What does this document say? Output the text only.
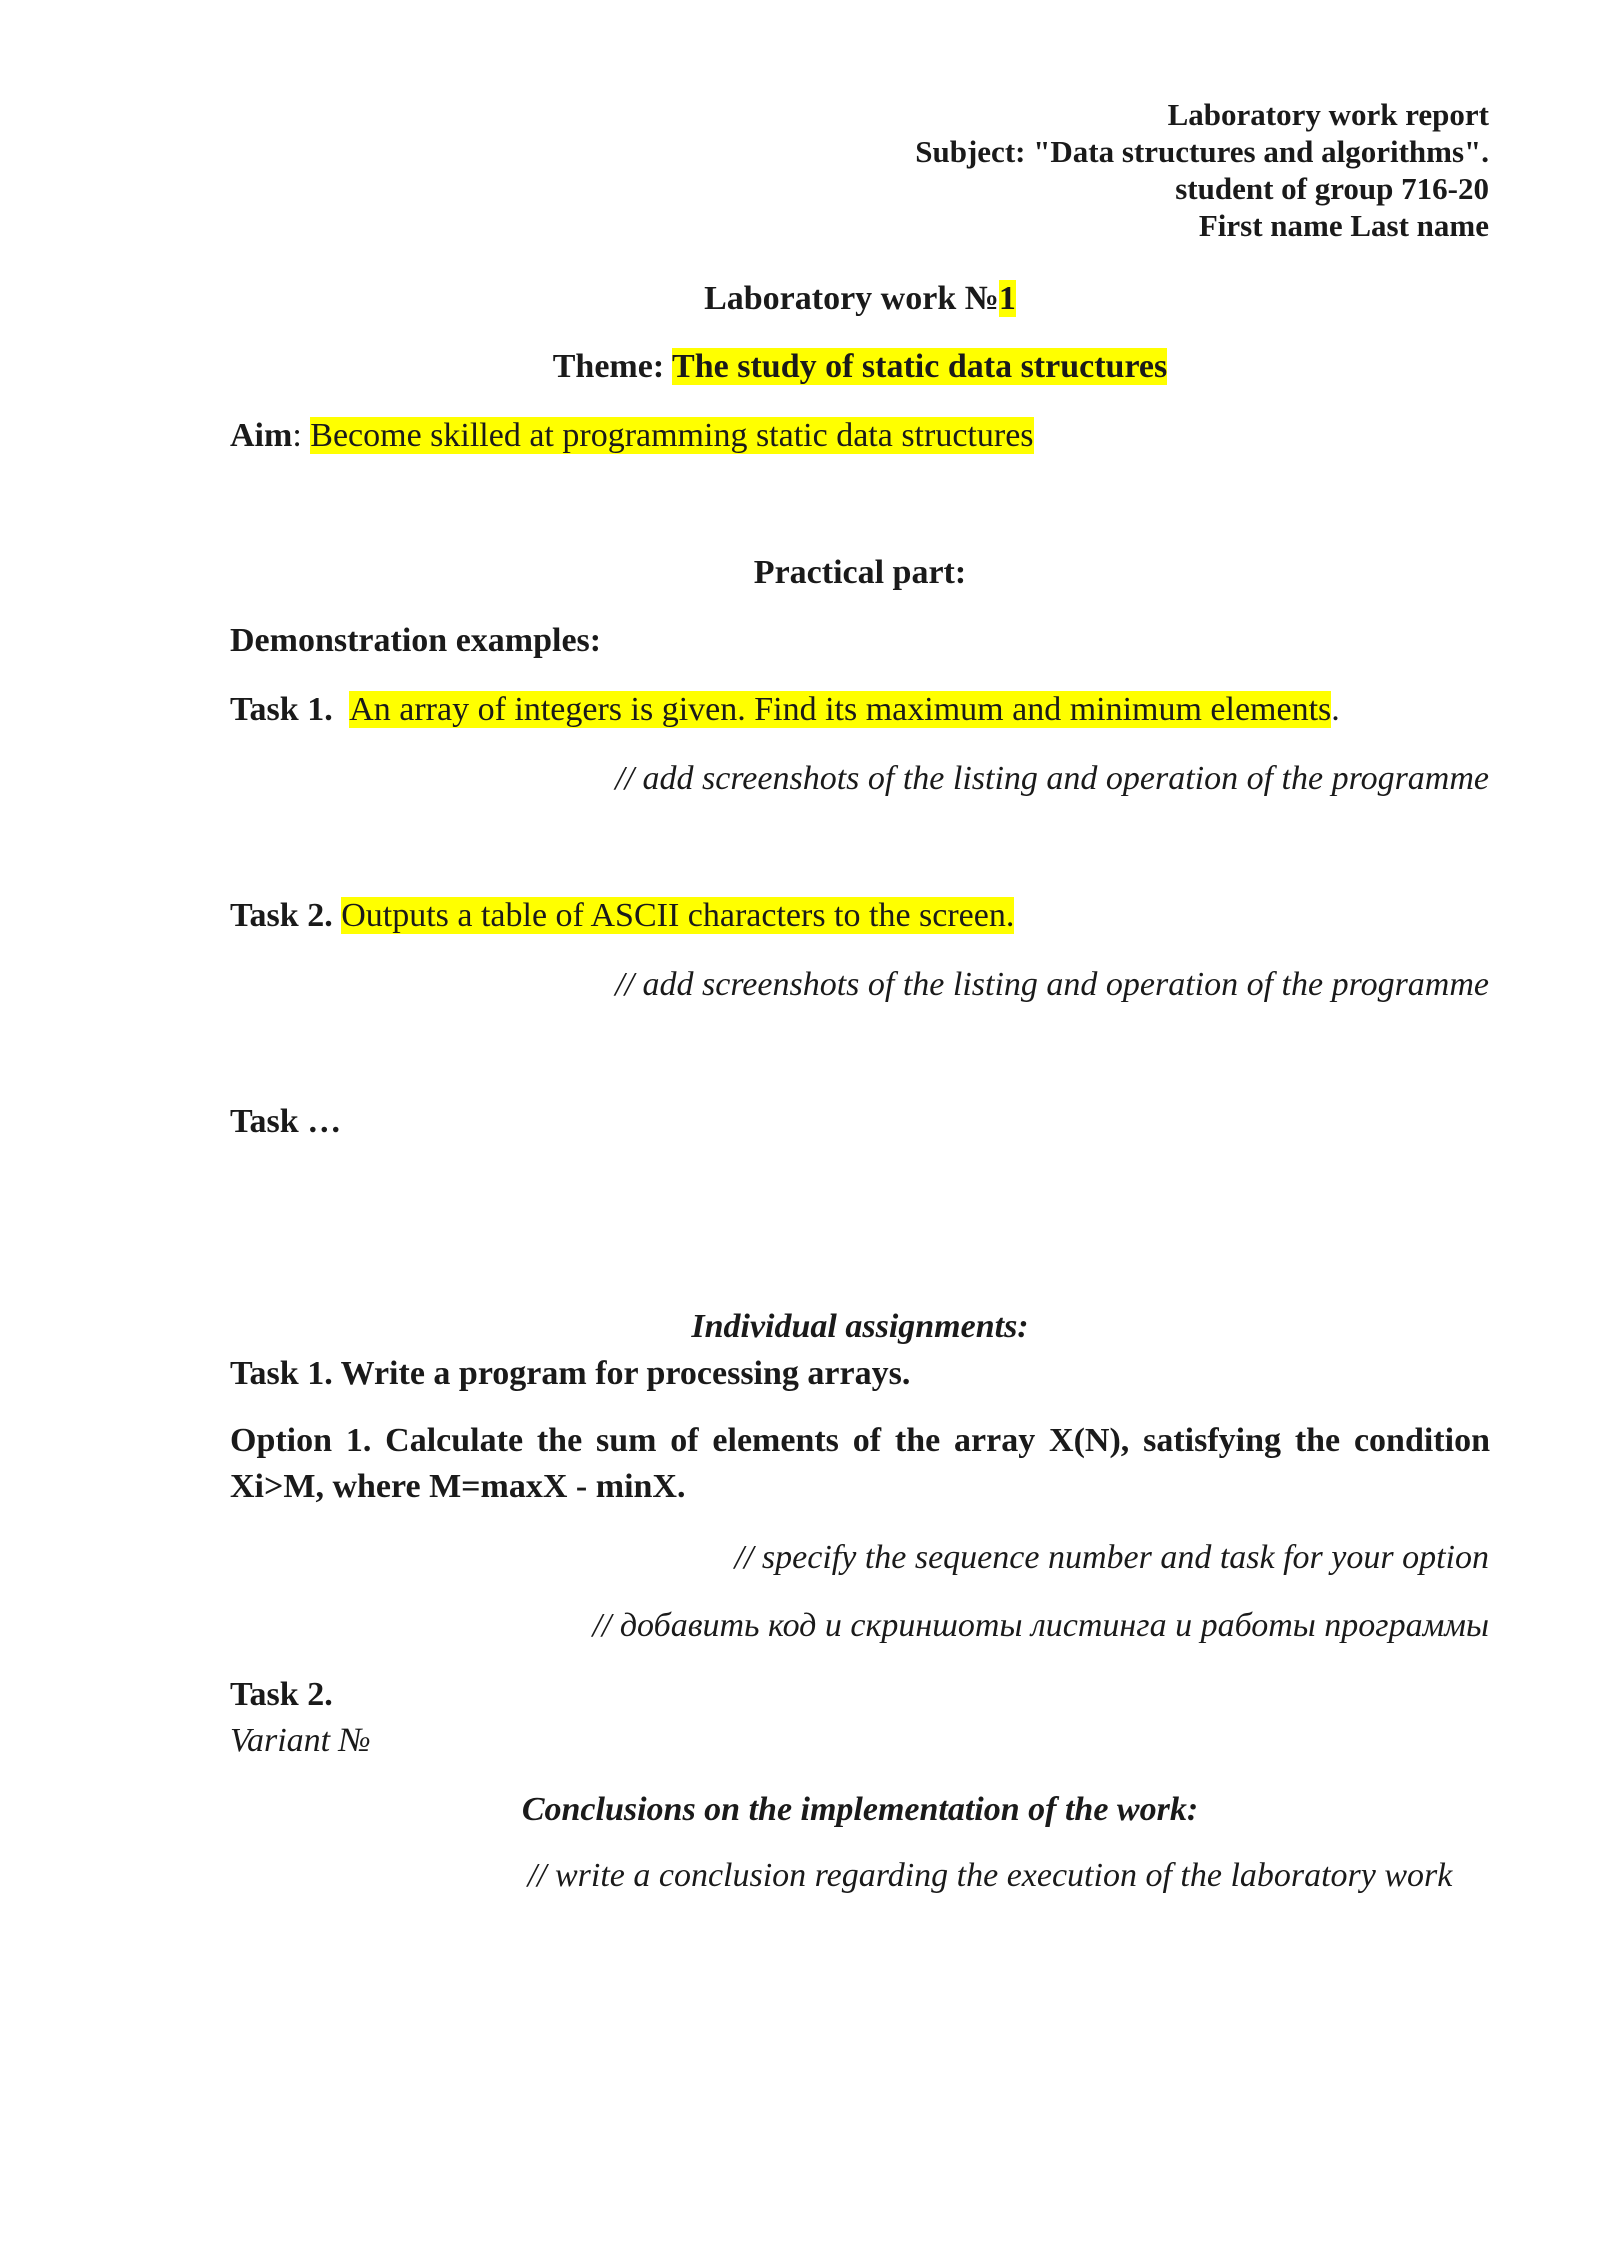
Laboratory work report
Subject: "Data structures and algorithms".
student of group 716-20
First name Last name
Laboratory work №1
Theme: The study of static data structures
Aim: Become skilled at programming static data structures
Practical part:
Demonstration examples:
Task 1. An array of integers is given. Find its maximum and minimum elements.
// add screenshots of the listing and operation of the programme
Task 2. Outputs a table of ASCII characters to the screen.
// add screenshots of the listing and operation of the programme
Task …
Individual assignments:
Task 1. Write a program for processing arrays.
Option 1. Calculate the sum of elements of the array X(N), satisfying the condition Xi>M, where M=maxX - minX.
// specify the sequence number and task for your option
// добавить код и скриншоты листинга и работы программы
Task 2.
Variant №
Conclusions on the implementation of the work:
// write a conclusion regarding the execution of the laboratory work
